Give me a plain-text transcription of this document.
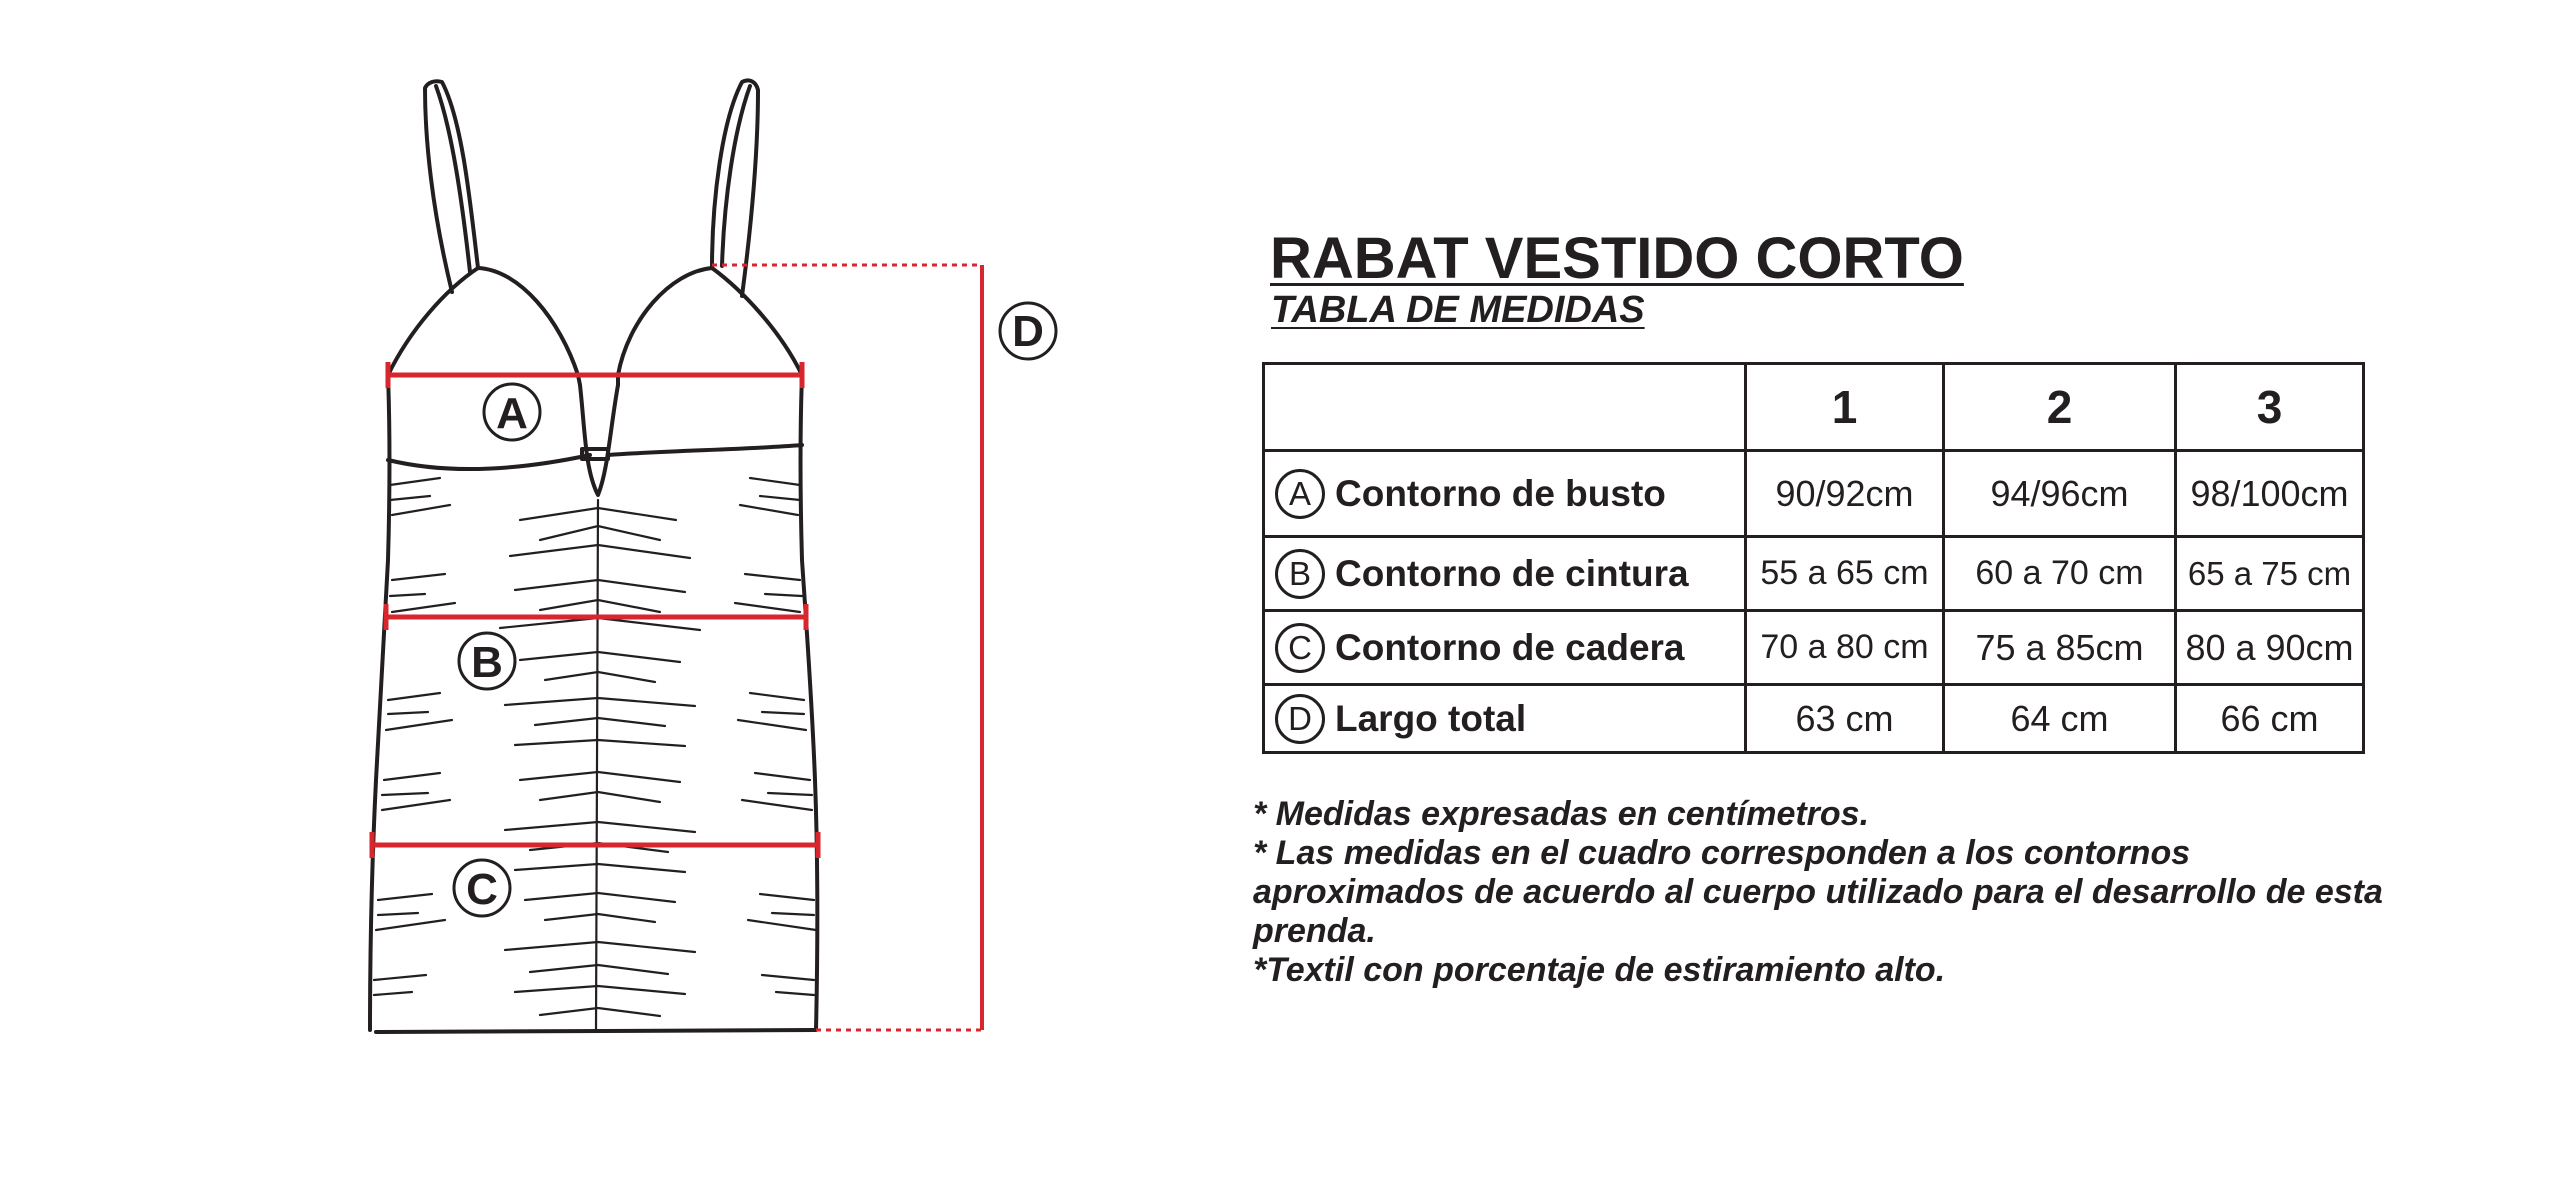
A
B
C
D
RABAT VESTIDO CORTO
TABLA DE MEDIDAS
	1	2	3
A Contorno de busto	90/92cm	94/96cm	98/100cm
B Contorno de cintura	55 a 65 cm	60 a 70 cm	65 a 75 cm
C Contorno de cadera	70 a 80 cm	75 a 85cm	80 a 90cm
D Largo total	63 cm	64 cm	66 cm

* Medidas expresadas en centímetros.

* Las medidas en el cuadro corresponden a los contornos aproximados de acuerdo al cuerpo utilizado para el desarrollo de esta prenda.

*Textil con porcentaje de estiramiento alto.
